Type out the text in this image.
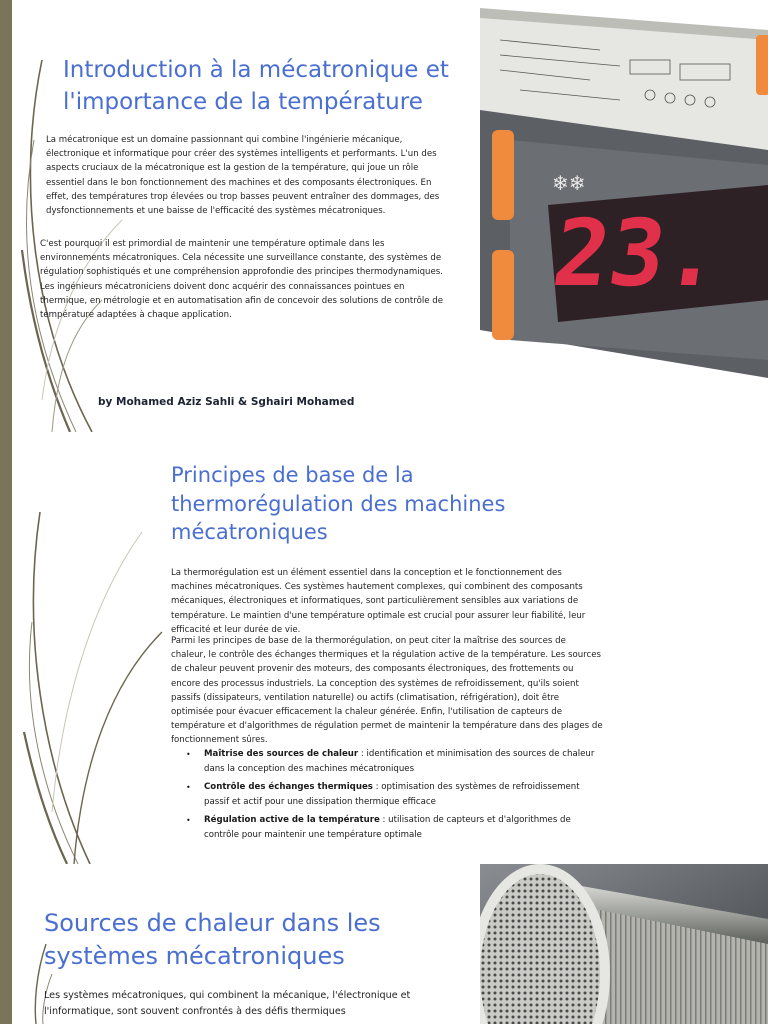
Introduction à la mécatronique et l'importance de la température

La mécatronique est un domaine passionnant qui combine l'ingénierie mécanique, électronique et informatique pour créer des systèmes intelligents et performants. L'un des aspects cruciaux de la mécatronique est la gestion de la température, qui joue un rôle essentiel dans le bon fonctionnement des machines et des composants électroniques. En effet, des températures trop élevées ou trop basses peuvent entraîner des dommages, des dysfonctionnements et une baisse de l'efficacité des systèmes mécatroniques.

C'est pourquoi il est primordial de maintenir une température optimale dans les environnements mécatroniques. Cela nécessite une surveillance constante, des systèmes de régulation sophistiqués et une compréhension approfondie des principes thermodynamiques. Les ingénieurs mécatroniciens doivent donc acquérir des connaissances pointues en thermique, en métrologie et en automatisation afin de concevoir des solutions de contrôle de température adaptées à chaque application.

by Mohamed Aziz Sahli & Sghairi Mohamed
❄❄
23.
Principes de base de la thermorégulation des machines mécatroniques

La thermorégulation est un élément essentiel dans la conception et le fonctionnement des machines mécatroniques. Ces systèmes hautement complexes, qui combinent des composants mécaniques, électroniques et informatiques, sont particulièrement sensibles aux variations de température. Le maintien d'une température optimale est crucial pour assurer leur fiabilité, leur efficacité et leur durée de vie.

Parmi les principes de base de la thermorégulation, on peut citer la maîtrise des sources de chaleur, le contrôle des échanges thermiques et la régulation active de la température. Les sources de chaleur peuvent provenir des moteurs, des composants électroniques, des frottements ou encore des processus industriels. La conception des systèmes de refroidissement, qu'ils soient passifs (dissipateurs, ventilation naturelle) ou actifs (climatisation, réfrigération), doit être optimisée pour évacuer efficacement la chaleur générée. Enfin, l'utilisation de capteurs de température et d'algorithmes de régulation permet de maintenir la température dans des plages de fonctionnement sûres.

• Maîtrise des sources de chaleur : identification et minimisation des sources de chaleur dans la conception des machines mécatroniques
• Contrôle des échanges thermiques : optimisation des systèmes de refroidissement passif et actif pour une dissipation thermique efficace
• Régulation active de la température : utilisation de capteurs et d'algorithmes de contrôle pour maintenir une température optimale
Sources de chaleur dans les systèmes mécatroniques

Les systèmes mécatroniques, qui combinent la mécanique, l'électronique et l'informatique, sont souvent confrontés à des défis thermiques
